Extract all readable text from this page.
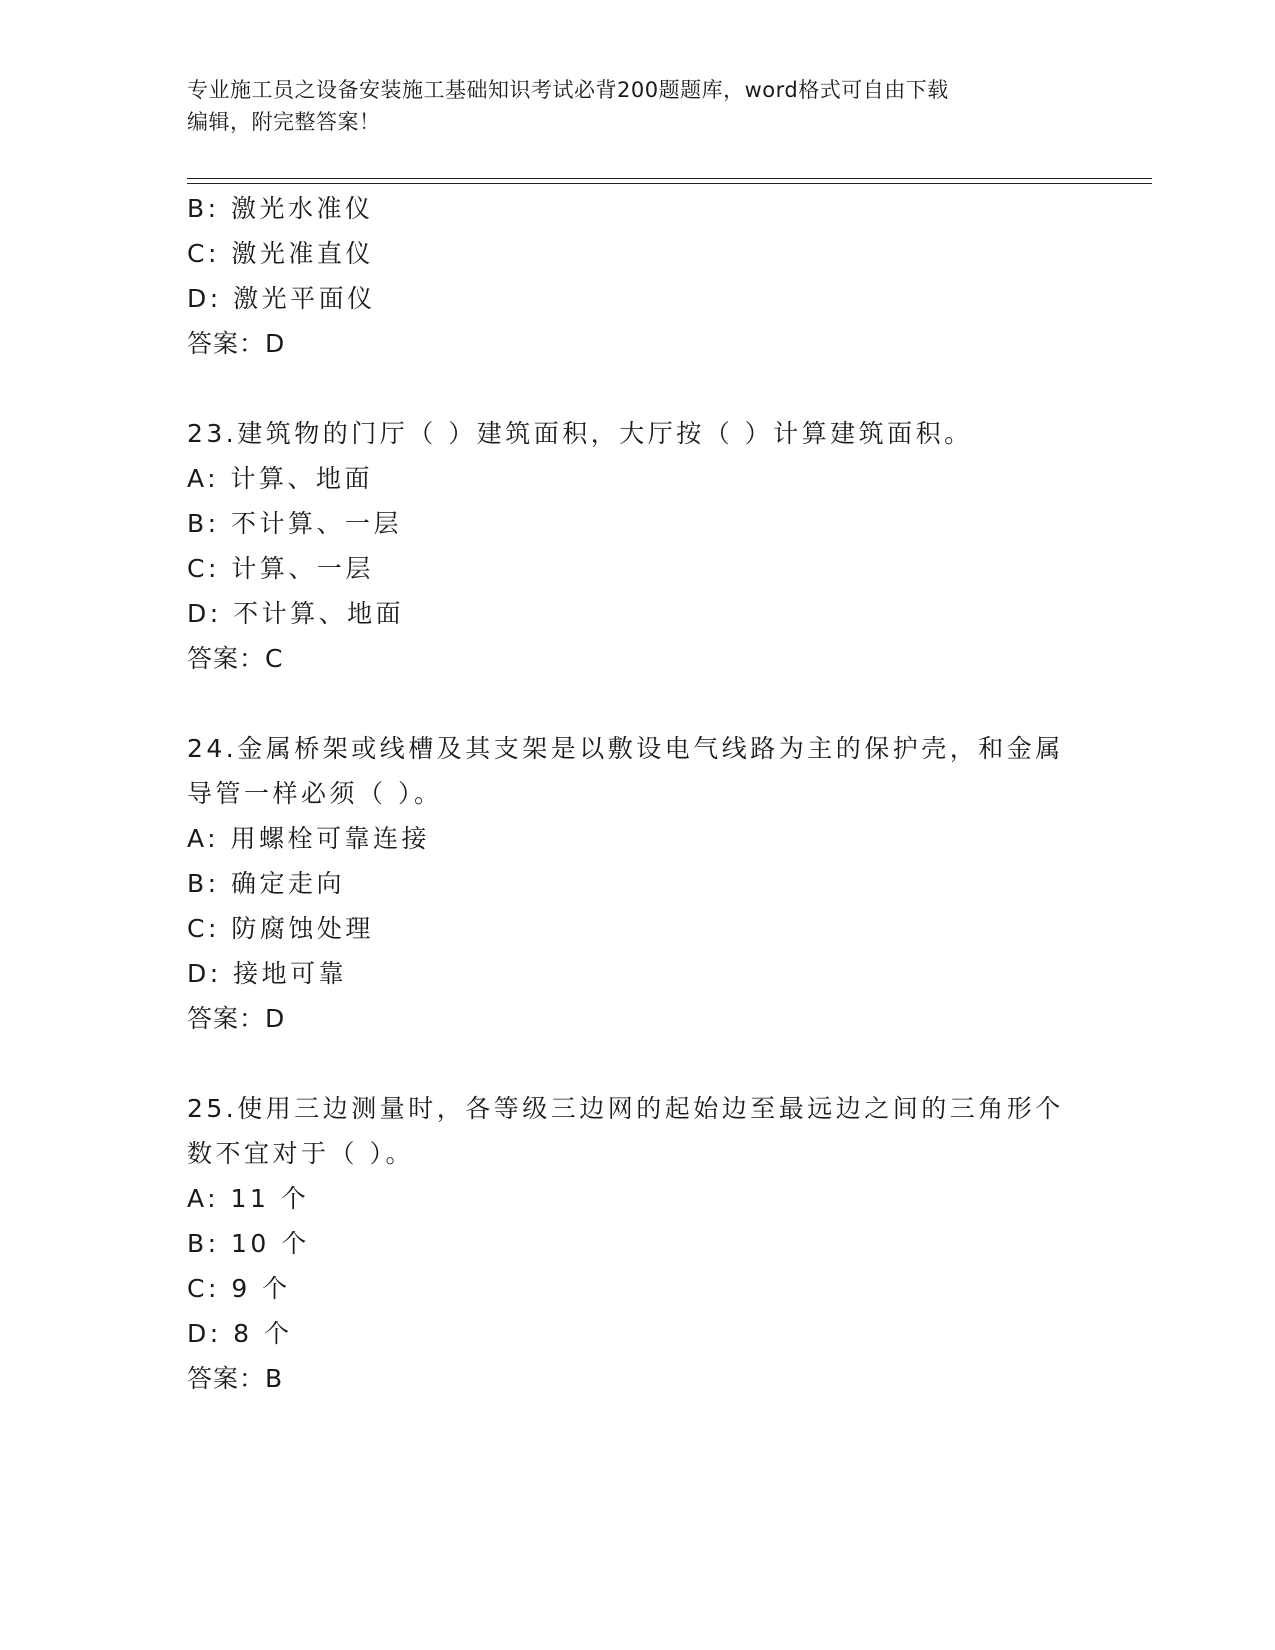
专业施工员之设备安装施工基础知识考试必背200题题库，word格式可自由下载
编辑，附完整答案！
B: 激光水准仪
C: 激光准直仪
D: 激光平面仪
答案：D
23.建筑物的门厅（ ）建筑面积，大厅按（ ）计算建筑面积。
A: 计算、地面
B: 不计算、一层
C: 计算、一层
D: 不计算、地面
答案：C
24.金属桥架或线槽及其支架是以敷设电气线路为主的保护壳，和金属
导管一样必须（ ）。
A: 用螺栓可靠连接
B: 确定走向
C: 防腐蚀处理
D: 接地可靠
答案：D
25.使用三边测量时，各等级三边网的起始边至最远边之间的三角形个
数不宜对于（ ）。
A: 11 个
B: 10 个
C: 9 个
D: 8 个
答案：B
